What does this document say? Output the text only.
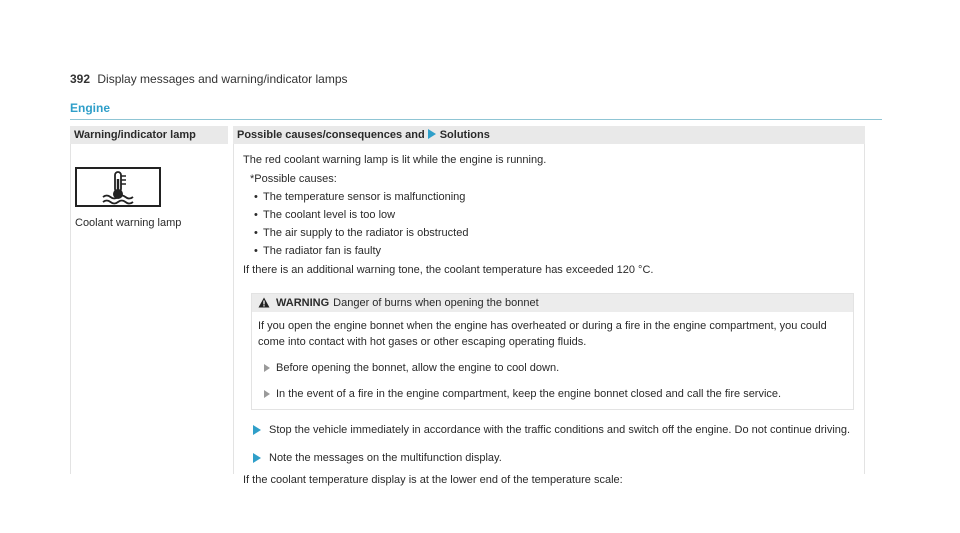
392 Display messages and warning/indicator lamps
Engine
Warning/indicator lamp	Possible causes/consequences and Solutions
Coolant warning lamp
The red coolant warning lamp is lit while the engine is running.
*Possible causes:
• The temperature sensor is malfunctioning
• The coolant level is too low
• The air supply to the radiator is obstructed
• The radiator fan is faulty
If there is an additional warning tone, the coolant temperature has exceeded 120 °C.
WARNING Danger of burns when opening the bonnet
If you open the engine bonnet when the engine has overheated or during a fire in the engine compartment, you could come into contact with hot gases or other escaping operating fluids.
Before opening the bonnet, allow the engine to cool down.
In the event of a fire in the engine compartment, keep the engine bonnet closed and call the fire service.
Stop the vehicle immediately in accordance with the traffic conditions and switch off the engine. Do not continue driving.
Note the messages on the multifunction display.
If the coolant temperature display is at the lower end of the temperature scale:
